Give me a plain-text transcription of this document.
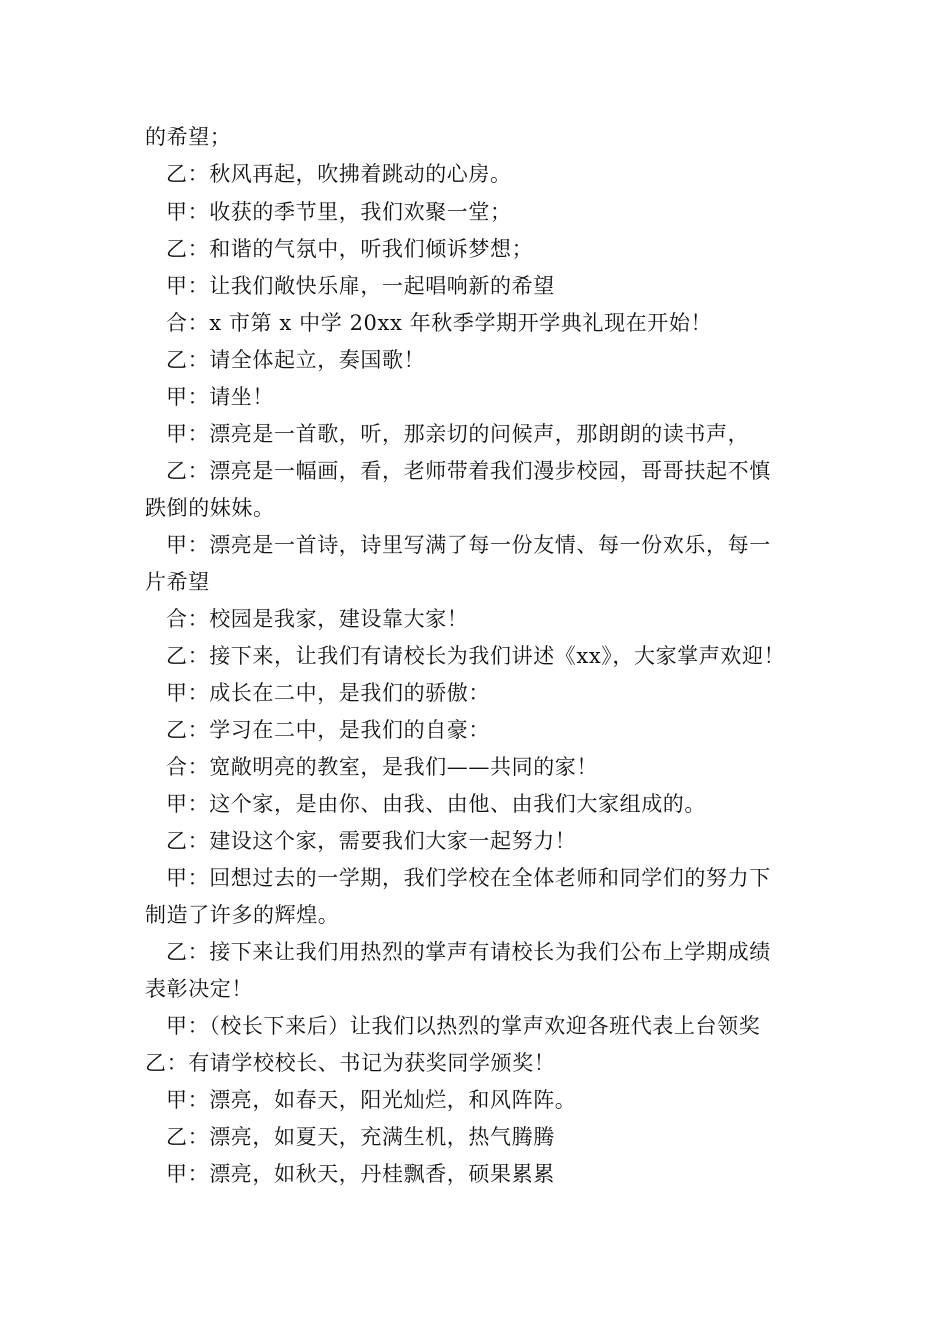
的希望；
乙：秋风再起，吹拂着跳动的心房。
甲：收获的季节里，我们欢聚一堂；
乙：和谐的气氛中，听我们倾诉梦想；
甲：让我们敞快乐扉，一起唱响新的希望
合：x 市第 x 中学 20xx 年秋季学期开学典礼现在开始！
乙：请全体起立，奏国歌！
甲：请坐！
甲：漂亮是一首歌，听，那亲切的问候声，那朗朗的读书声，
乙：漂亮是一幅画，看，老师带着我们漫步校园，哥哥扶起不慎
跌倒的妹妹。
甲：漂亮是一首诗，诗里写满了每一份友情、每一份欢乐，每一
片希望
合：校园是我家，建设靠大家！
乙：接下来，让我们有请校长为我们讲述《xx》，大家掌声欢迎！
甲：成长在二中，是我们的骄傲：
乙：学习在二中，是我们的自豪：
合：宽敞明亮的教室，是我们——共同的家！
甲：这个家，是由你、由我、由他、由我们大家组成的。
乙：建设这个家，需要我们大家一起努力！
甲：回想过去的一学期，我们学校在全体老师和同学们的努力下
制造了许多的辉煌。
乙：接下来让我们用热烈的掌声有请校长为我们公布上学期成绩
表彰决定！
甲：（校长下来后）让我们以热烈的掌声欢迎各班代表上台领奖
乙：有请学校校长、书记为获奖同学颁奖！
甲：漂亮，如春天，阳光灿烂，和风阵阵。
乙：漂亮，如夏天，充满生机，热气腾腾
甲：漂亮，如秋天，丹桂飘香，硕果累累
